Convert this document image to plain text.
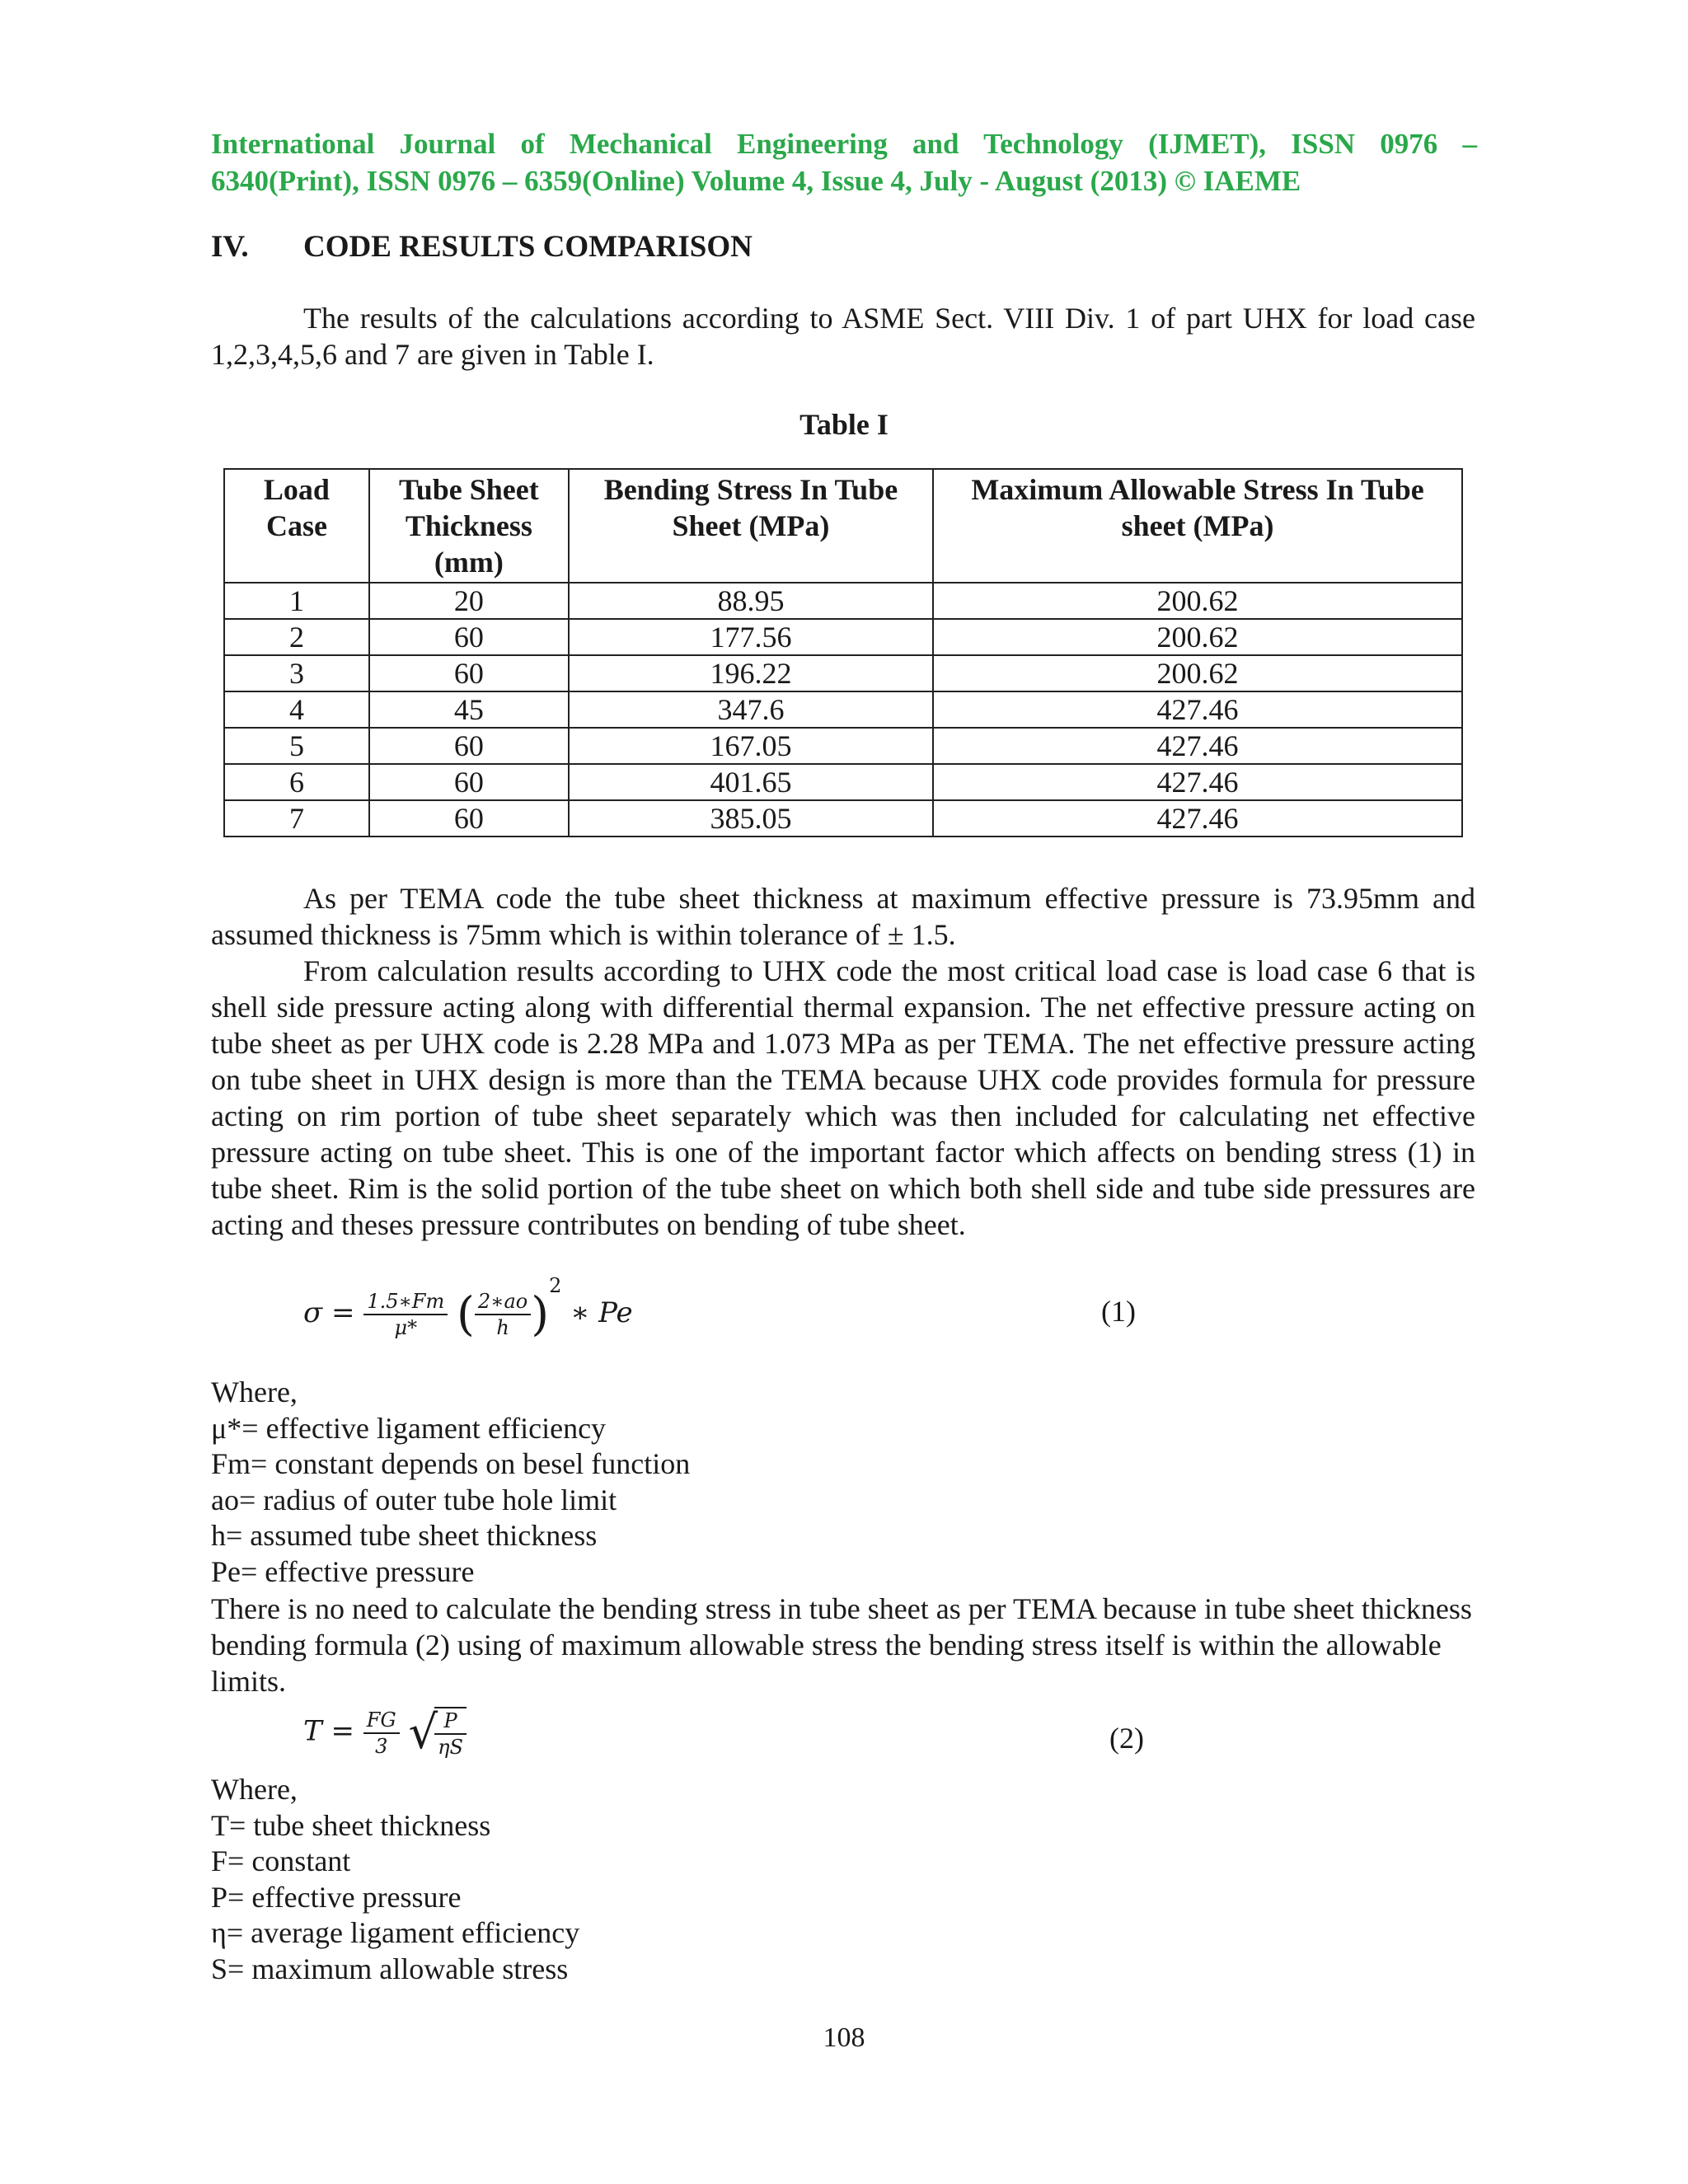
International Journal of Mechanical Engineering and Technology (IJMET), ISSN 0976 –
6340(Print), ISSN 0976 – 6359(Online) Volume 4, Issue 4, July - August (2013) © IAEME
IV. CODE RESULTS COMPARISON
The results of the calculations according to ASME Sect. VIII Div. 1 of part UHX for load case 1,2,3,4,5,6 and 7 are given in Table I.
Table I
Load Case	Tube Sheet Thickness (mm)	Bending Stress In Tube Sheet (MPa)	Maximum Allowable Stress In Tube sheet (MPa)
1	20	88.95	200.62
2	60	177.56	200.62
3	60	196.22	200.62
4	45	347.6	427.46
5	60	167.05	427.46
6	60	401.65	427.46
7	60	385.05	427.46
As per TEMA code the tube sheet thickness at maximum effective pressure is 73.95mm and assumed thickness is 75mm which is within tolerance of ± 1.5.
From calculation results according to UHX code the most critical load case is load case 6 that is shell side pressure acting along with differential thermal expansion. The net effective pressure acting on tube sheet as per UHX code is 2.28 MPa and 1.073 MPa as per TEMA. The net effective pressure acting on tube sheet in UHX design is more than the TEMA because UHX code provides formula for pressure acting on rim portion of tube sheet separately which was then included for calculating net effective pressure acting on tube sheet. This is one of the important factor which affects on bending stress (1) in tube sheet. Rim is the solid portion of the tube sheet on which both shell side and tube side pressures are acting and theses pressure contributes on bending of tube sheet.
$\sigma = \frac{1.5∗Fm}{\mu*}$ ( $\frac{2∗ao}{h} )^2$ ∗ Pe	(1)
Where,
μ*= effective ligament efficiency
Fm= constant depends on besel function
ao= radius of outer tube hole limit
h= assumed tube sheet thickness
Pe= effective pressure
There is no need to calculate the bending stress in tube sheet as per TEMA because in tube sheet thickness bending formula (2) using of maximum allowable stress the bending stress itself is within the allowable limits.
$T = \frac{FG}{3}$ √
$\frac{P}{\eta S}$	(2)
Where,
T= tube sheet thickness
F= constant
P= effective pressure
η= average ligament efficiency
S= maximum allowable stress
108
